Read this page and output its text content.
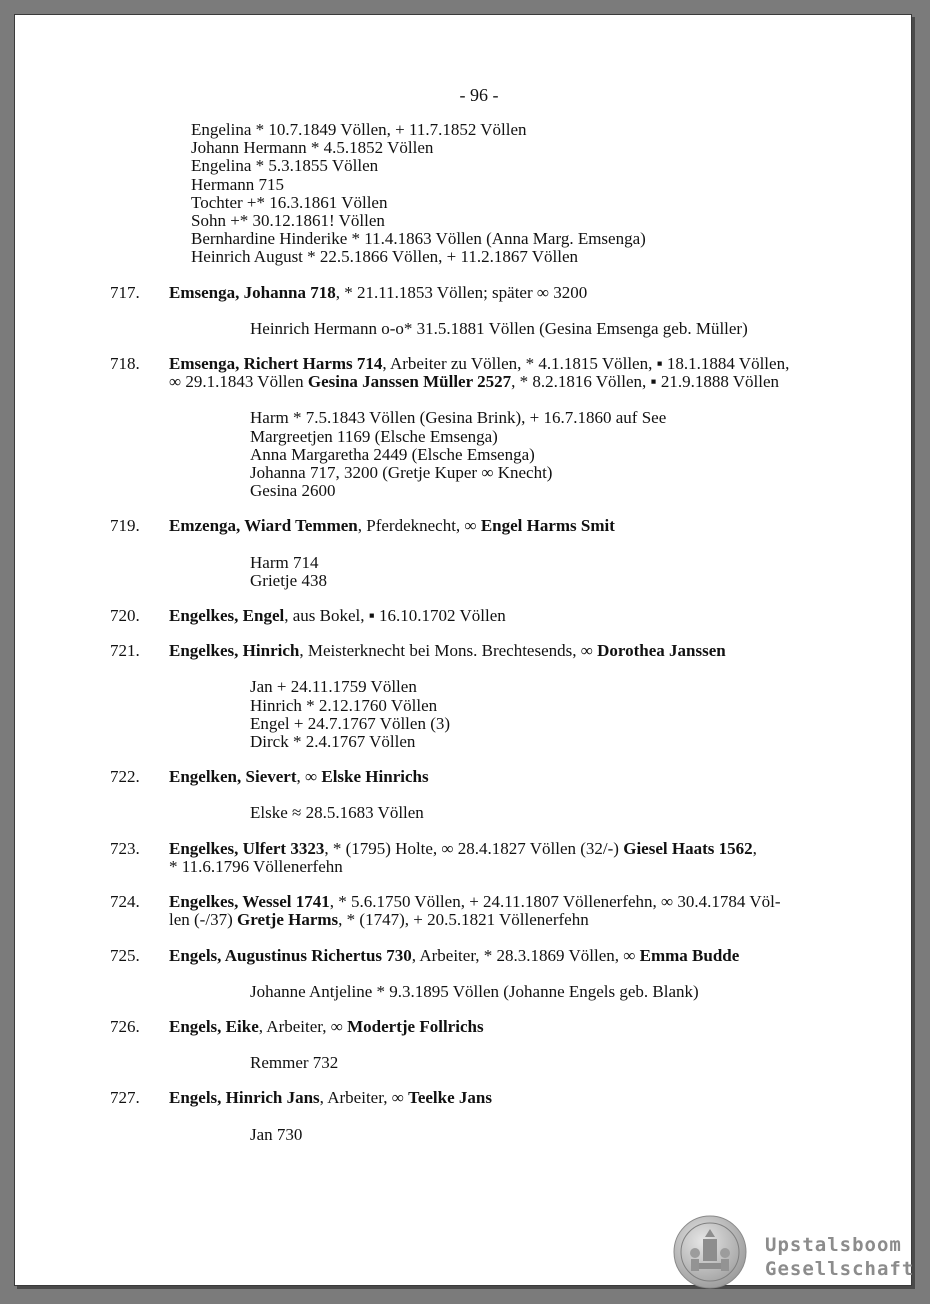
- 96 -
Engelina * 10.7.1849 Völlen, + 11.7.1852 Völlen
Johann Hermann * 4.5.1852 Völlen
Engelina * 5.3.1855 Völlen
Hermann 715
Tochter +* 16.3.1861 Völlen
Sohn +* 30.12.1861! Völlen
Bernhardine Hinderike * 11.4.1863 Völlen (Anna Marg. Emsenga)
Heinrich August * 22.5.1866 Völlen, + 11.2.1867 Völlen
717. Emsenga, Johanna 718, * 21.11.1853 Völlen; später ∞ 3200
Heinrich Hermann o-o* 31.5.1881 Völlen (Gesina Emsenga geb. Müller)
718. Emsenga, Richert Harms 714, Arbeiter zu Völlen, * 4.1.1815 Völlen, ▪ 18.1.1884 Völlen,
∞ 29.1.1843 Völlen Gesina Janssen Müller 2527, * 8.2.1816 Völlen, ▪ 21.9.1888 Völlen
Harm * 7.5.1843 Völlen (Gesina Brink), + 16.7.1860 auf See
Margreetjen 1169 (Elsche Emsenga)
Anna Margaretha 2449 (Elsche Emsenga)
Johanna 717, 3200 (Gretje Kuper ∞ Knecht)
Gesina 2600
719. Emzenga, Wiard Temmen, Pferdeknecht, ∞ Engel Harms Smit
Harm 714
Grietje 438
720. Engelkes, Engel, aus Bokel, ▪ 16.10.1702 Völlen
721. Engelkes, Hinrich, Meisterknecht bei Mons. Brechtesends, ∞ Dorothea Janssen
Jan + 24.11.1759 Völlen
Hinrich * 2.12.1760 Völlen
Engel + 24.7.1767 Völlen (3)
Dirck * 2.4.1767 Völlen
722. Engelken, Sievert, ∞ Elske Hinrichs
Elske ≈ 28.5.1683 Völlen
723. Engelkes, Ulfert 3323, * (1795) Holte, ∞ 28.4.1827 Völlen (32/-) Giesel Haats 1562,
* 11.6.1796 Völlenerfehn
724. Engelkes, Wessel 1741, * 5.6.1750 Völlen, + 24.11.1807 Völlenerfehn, ∞ 30.4.1784 Völ-
len (-/37) Gretje Harms, * (1747), + 20.5.1821 Völlenerfehn
725. Engels, Augustinus Richertus 730, Arbeiter, * 28.3.1869 Völlen, ∞ Emma Budde
Johanne Antjeline * 9.3.1895 Völlen (Johanne Engels geb. Blank)
726. Engels, Eike, Arbeiter, ∞ Modertje Follrichs
Remmer 732
727. Engels, Hinrich Jans, Arbeiter, ∞ Teelke Jans
Jan 730
Upstalsboom
Gesellschaft
